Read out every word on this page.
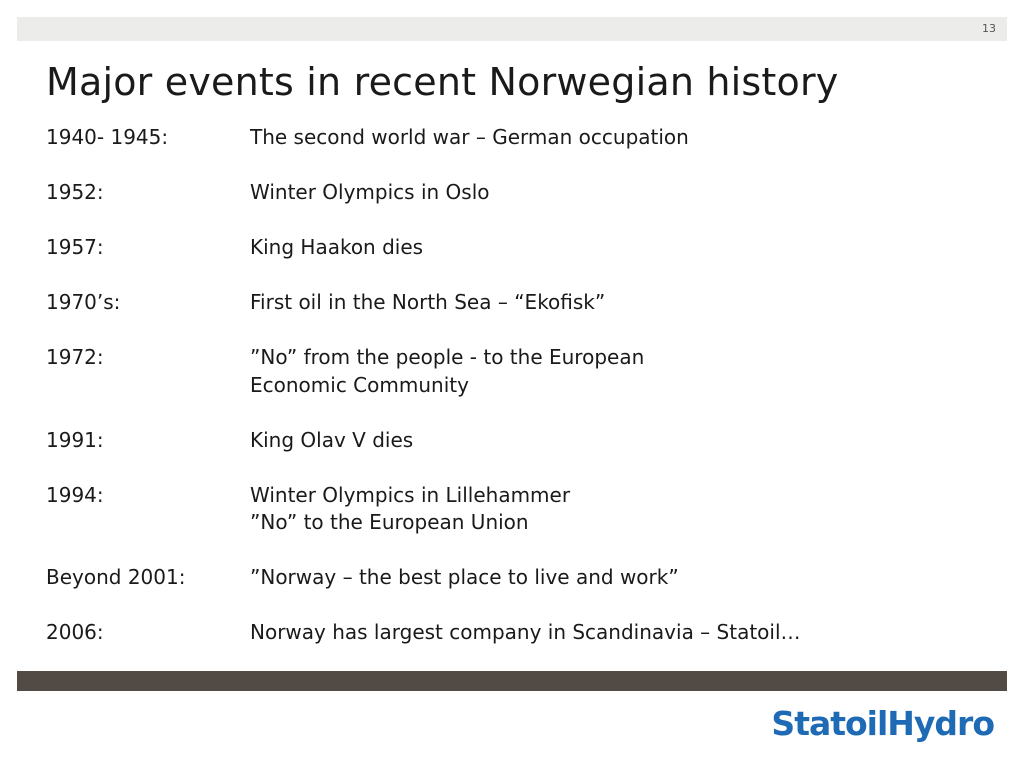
13
Major events in recent Norwegian history
1940- 1945:	The second world war – German occupation
1952:	Winter Olympics in Oslo
1957:	King Haakon dies
1970’s:	First oil in the North Sea – “Ekofisk”
1972:	”No” from the people - to the European
Economic Community
1991:	King Olav V dies
1994:	Winter Olympics in Lillehammer
”No” to the European Union
Beyond 2001:	”Norway – the best place to live and work”
2006:	Norway has largest company in Scandinavia – Statoil…
StatoilHydro
